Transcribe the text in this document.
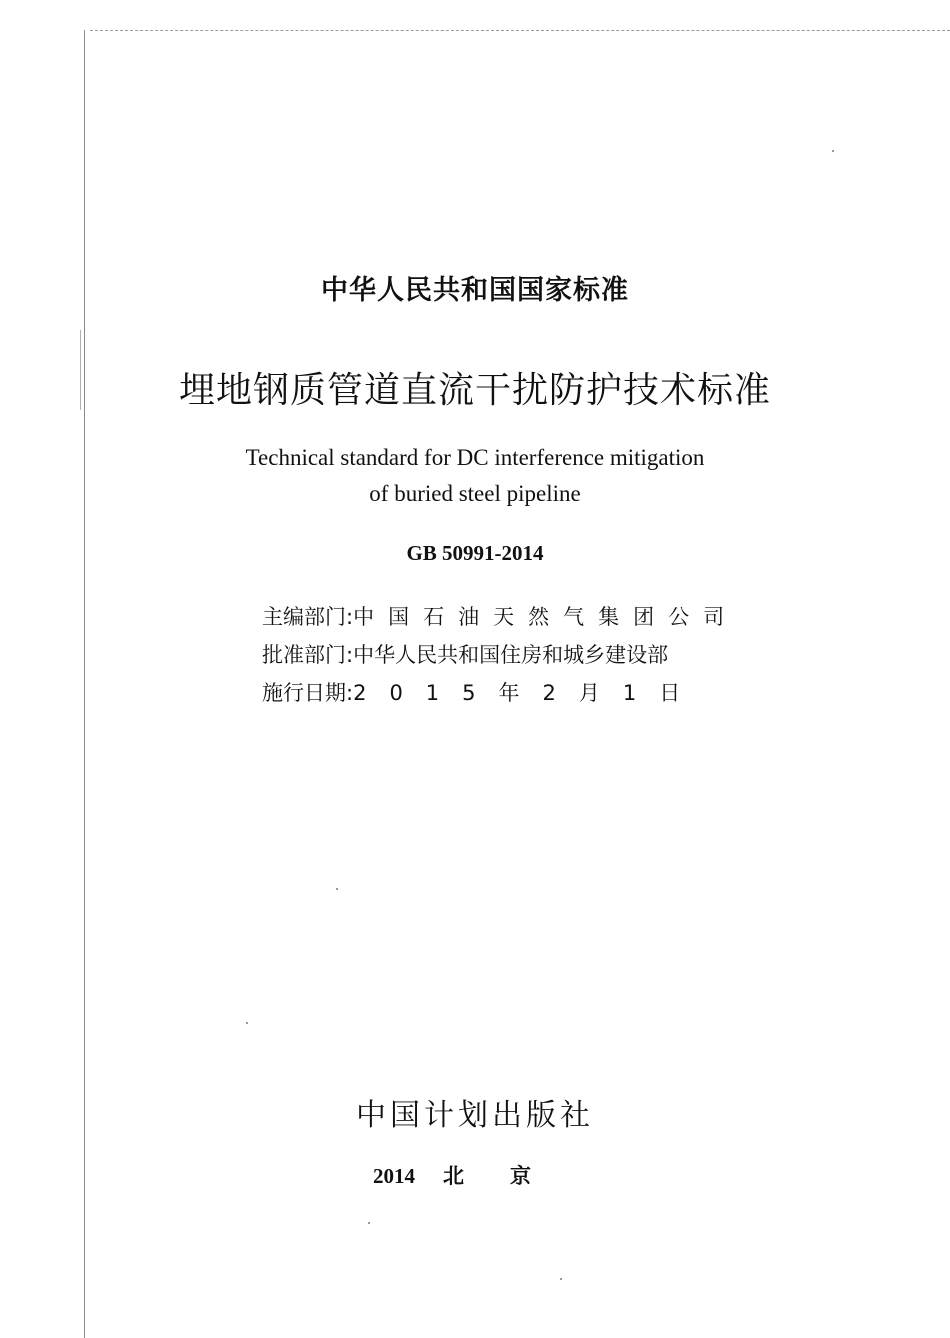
中华人民共和国国家标准
埋地钢质管道直流干扰防护技术标准
Technical standard for DC interference mitigation
of buried steel pipeline
GB 50991-2014
主编部门:中国石油天然气集团公司
批准部门:中华人民共和国住房和城乡建设部
施行日期:2015年2月1日
中国计划出版社
2014 北京
